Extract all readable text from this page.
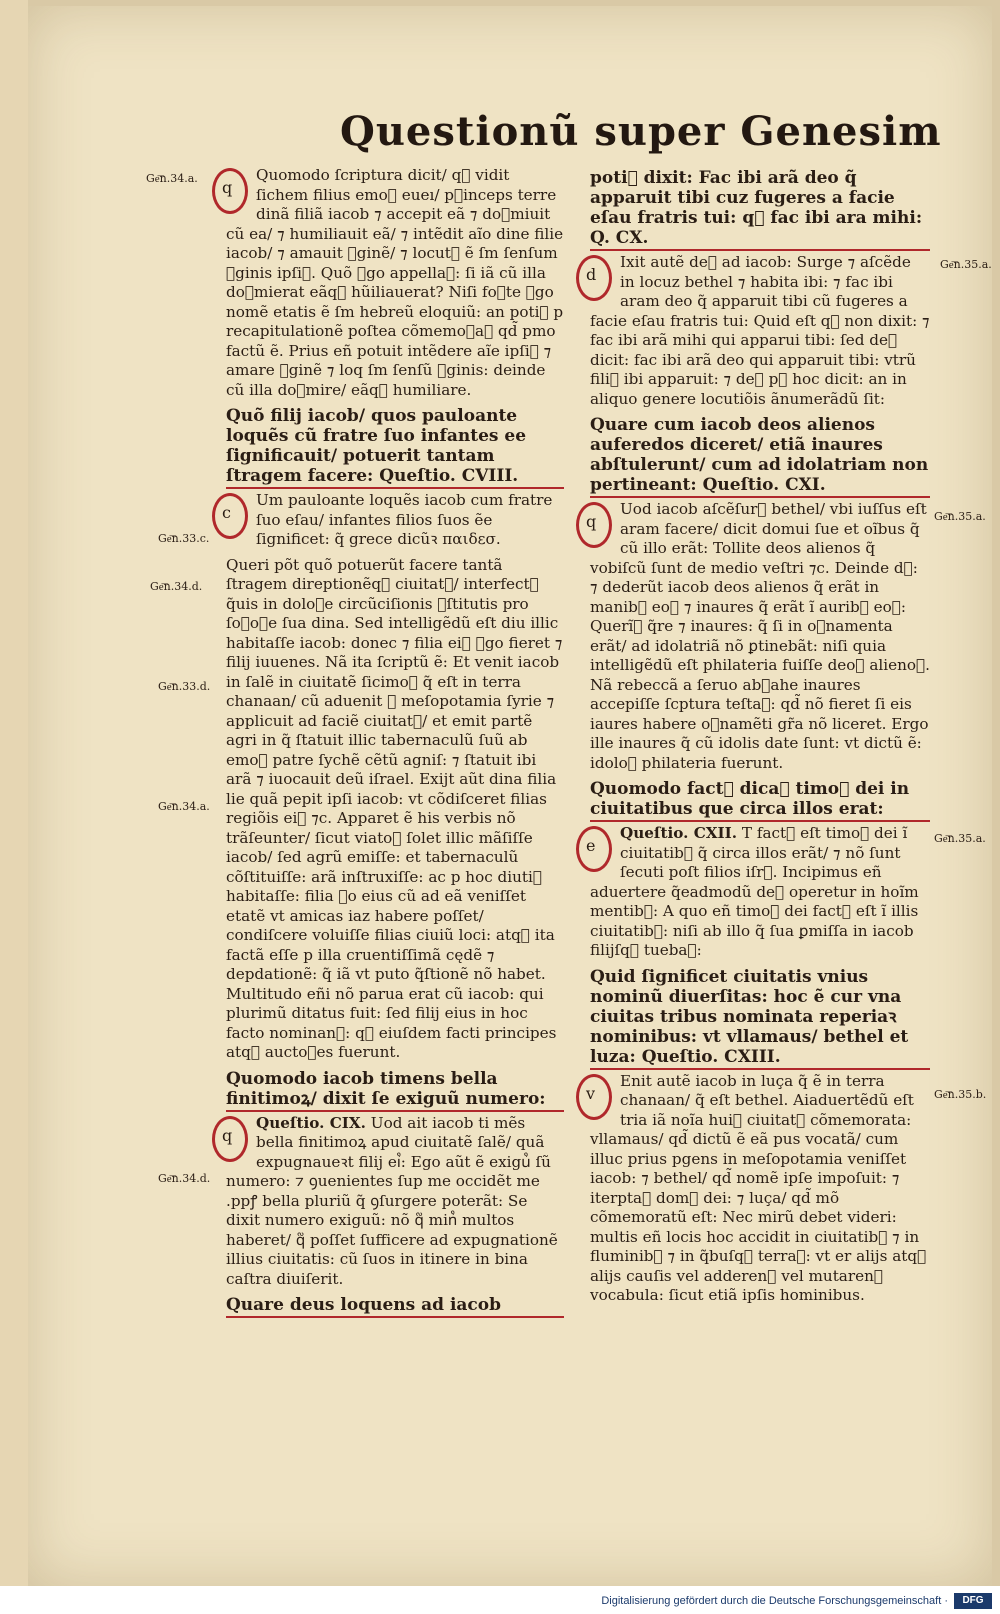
Questionũ super Genesim
Ge͞n.34.a.
Ge͞n.33.c.
Ge͞n.34.d.
Ge͞n.33.d.
Ge͞n.34.a.
Ge͞n.34.d.
Ge͞n.35.a.
Ge͞n.35.a.
Ge͞n.35.a.
Ge͞n.35.b.
q
Quomodo ſcriptura dicit/ q᷑ vidit ſichem filius emoꝛ eueı/ pꝛinceps terre dinã filiã iacob ⁊ accepit eã ⁊ doꝛmiuit cũ ea/ ⁊ humiliauit eã/ ⁊ intẽdit aĩo dine filie iacob/ ⁊ amauit ỽginẽ/ ⁊ locut᷒ ẽ ſm ſenſum ỽginis ipſi᷒. Quõ ỽgo appellaꝛ: ſi iã cũ illa doꝛmierat eãq᷑ hũiliauerat? Niſi foꝛte ỽgo nomẽ etatis ẽ ſm hebreũ eloquiũ: an poti᷒ p recapitulationẽ poſtea cõmemoꝛaꝛ qd̃ pmo factũ ẽ. Prius eñ potuit intẽdere aĩe ipſi᷒ ⁊ amare ỽginẽ ⁊ loq ſm ſenſũ ỽginis: deinde cũ illa doꝛmire/ eãq᷑ humiliare.
Quõ filij iacob/ quos pauloante loquẽs cũ fratre ſuo infantes ee ſignificauit/ potuerit tantam ſtragem facere: Queſtio. CVIII.
c
Um pauloante loquẽs iacob cum fratre ſuo eſau/ infantes filios ſuos ẽe ſignificet: q̃ grece dicũꝛ παιδεσ.
Queri põt quõ potuerũt facere tantã ſtragem direptionẽq᷑ ciuitatꝭ/ interfectꝭ q̃uis in doloꝛe circũciſionis ꝯſtitutis pro ſoꝛoꝛe ſua dina. Sed intelligẽdũ eſt diu illic habitaſſe iacob: donec ⁊ filia ei᷒ ỽgo fieret ⁊ filij iuuenes. Nã ita ſcriptũ ẽ: Et venit iacob in ſalẽ in ciuitatẽ ſicimoꝝ q̃ eſt in terra chanaan/ cũ aduenit ꝺ meſopotamia ſyrie ⁊ applicuit ad faciẽ ciuitatꝭ/ et emit partẽ agri in q̃ ſtatuit illic tabernaculũ ſuũ ab emoꝛ patre ſychẽ cẽtũ agniſ: ⁊ ſtatuit ibi arã ⁊ iuocauit deũ iſrael. Exijt aũt dina filia lie quã pepit ipſi iacob: vt cõdiſceret filias regiõis ei᷒ ⁊c. Apparet ẽ his verbis nõ trãſeunter/ ſicut viatoꝛ ſolet illic mãſiſſe iacob/ ſed agrũ emiſſe: et tabernaculũ cõſtituiſſe: arã inſtruxiſſe: ac p hoc diuti᷒ habitaſſe: filia ỽo eius cũ ad eã veniſſet etatẽ vt amicas iaz habere poſſet/ condiſcere voluiſſe filias ciuiũ loci: atq᷑ ita factã eſſe p illa cruentiſſimã cędẽ ⁊ depdationẽ: q̃ iã vt puto q̃ſtionẽ nõ habet. Multitudo eñi nõ parua erat cũ iacob: qui plurimũ ditatus fuit: ſed filij eius in hoc facto nominanꝛ: q᷑ eiuſdem facti principes atq᷑ auctoꝛes fuerunt.
Quomodo iacob timens bella finitimoꝝ/ dixit ſe exiguũ numero:
q
Queſtio. CIX. Uod ait iacob ti mẽs bella finitimoꝝ apud ciuitatẽ ſalẽ/ quã expugnaueꝛt filij ei᷒: Ego aũt ẽ exigu᷒ ſũ numero: ⁊ ꝯuenientes ſup me occidẽt me .ppꝭ bella pluriũ q̃ ꝯſurgere poterãt: Se dixit numero exiguũ: nõ q᷑ min᷒ multos haberet/ q᷑ poſſet ſufficere ad expugnationẽ illius ciuitatis: cũ ſuos in itinere in bina caſtra diuiſerit.
Quare deus loquens ad iacob
poti᷒ dixit: Fac ibi arã deo q̃ apparuit tibi cuz fugeres a facie eſau fratris tui: q᷑ fac ibi ara mihi: Q. CX.
d
Ixit autẽ de᷒ ad iacob: Surge ⁊ aſcẽde in locuz bethel ⁊ habita ibi: ⁊ fac ibi aram deo q̃ apparuit tibi cũ fugeres a facie eſau fratris tui: Quid eſt q᷑ non dixit: ⁊ fac ibi arã mihi qui apparui tibi: ſed de᷒ dicit: fac ibi arã deo qui apparuit tibi: vtrũ fili᷒ ibi apparuit: ⁊ de᷒ pꝛ hoc dicit: an in aliquo genere locutiõis ãnumerãdũ ſit:
Quare cum iacob deos alienos auferedos diceret/ etiã inaures abſtulerunt/ cum ad idolatriam non pertineant: Queſtio. CXI.
q
Uod iacob aſcẽſur᷒ bethel/ vbi iuſſus eſt aram facere/ dicit domui ſue et oĩbus q̃ cũ illo erãt: Tollite deos alienos q̃ vobiſcũ ſunt de medio veſtri ⁊c. Deinde dꝛ: ⁊ dederũt iacob deos alienos q̃ erãt in manib᷒ eoꝝ ⁊ inaures q̃ erãt ĩ aurib᷒ eoꝝ: Querĩꝛ q̃re ⁊ inaures: q̃ ſi in oꝛnamenta erãt/ ad idolatriã nõ ꝑtinebãt: niſi quia intelligẽdũ eſt philateria fuiſſe deoꝝ alienoꝝ. Nã rebeccã a ſeruo abꝛahe inaures accepiſſe ſcptura teſtaꝛ: qd̃ nõ fieret ſi eis iaures habere oꝛnamẽti gr̃a nõ liceret. Ergo ille inaures q̃ cũ idolis date ſunt: vt dictũ ẽ: idoloꝝ philateria fuerunt.
Quomodo fact᷒ dicaꝛ timoꝛ dei in ciuitatibus que circa illos erat:
e
Queſtio. CXII. T fact᷒ eſt timoꝛ dei ĩ ciuitatib᷒ q̃ circa illos erãt/ ⁊ nõ ſunt ſecuti poſt filios iſrꝭ. Incipimus eñ aduertere q̃eadmodũ de᷒ operetur in hoĩm mentib᷒: A quo eñ timoꝛ dei fact᷒ eſt ĩ illis ciuitatib᷒: niſi ab illo q̃ ſua ꝑmiſſa in iacob filijſq᷑ tuebaꝛ:
Quid ſignificet ciuitatis vnius nominũ diuerſitas: hoc ẽ cur vna ciuitas tribus nominata reperiaꝛ nominibus: vt vllamaus/ bethel et luza: Queſtio. CXIII.
v
Enit autẽ iacob in luça q̃ ẽ in terra chanaan/ q̃ eſt bethel. Aiaduertẽdũ eſt tria iã noĩa hui᷒ ciuitatꝭ cõmemorata: vllamaus/ qd̃ dictũ ẽ eã pus vocatã/ cum illuc prius pgens in meſopotamia veniſſet iacob: ⁊ bethel/ qd̃ nomẽ ipſe impoſuit: ⁊ iterptaꝛ dom᷒ dei: ⁊ luça/ qd̃ mõ cõmemoratũ eſt: Nec mirũ debet videri: multis eñ locis hoc accidit in ciuitatib᷒ ⁊ in fluminib᷒ ⁊ in q̃buſq᷑ terraꝝ: vt er alijs atq᷑ alijs cauſis vel adderenꝛ vel mutarenꝛ vocabula: ſicut etiã ipſis hominibus.
Digitalisierung gefördert durch die Deutsche Forschungsgemeinschaft ·	DFG
